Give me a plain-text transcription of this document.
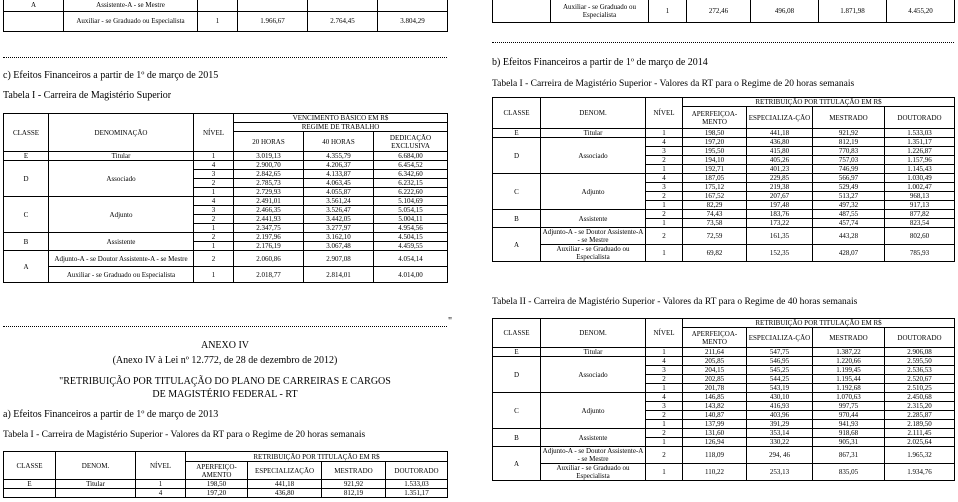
A	Assistente-A - se Mestre				
	Auxiliar - se Graduado ou Especialista	1	1.966,67	2.764,45	3.804,29
c) Efeitos Financeiros a partir de 1º de março de 2015
Tabela I - Carreira de Magistério Superior
CLASSE	DENOMINAÇÃO	NÍVEL	VENCIMENTO BÁSICO EM R$		
			REGIME DE TRABALHO		
			20 HORAS	40 HORAS	DEDICAÇÃO EXCLUSIVA
E	Titular	1	3.019,13	4.355,79	6.684,00
D	Associado	4	2.900,70	4.206,37	6.454,52
		3	2.842,65	4.133,87	6.342,60
		2	2.785,73	4.063,45	6.232,15
		1	2.729,93	4.055,87	6.222,60
C	Adjunto	4	2.491,01	3.561,24	5.104,69
		3	2.466,35	3.526,47	5.054,15
		2	2.441,93	3.442,05	5.004,11
		1	2.347,75	3.277,97	4.954,56
B	Assistente	2	2.197,96	3.162,10	4.504,15
		1	2.176,19	3.067,48	4.459,55
A	Adjunto-A - se Doutor Assistente-A - se Mestre	2	2.060,86	2.907,08	4.054,14
	Auxiliar - se Graduado ou Especialista	1	2.018,77	2.814,01	4.014,00
"
ANEXO IV
(Anexo IV à Lei nº 12.772, de 28 de dezembro de 2012)
"RETRIBUIÇÃO POR TITULAÇÃO DO PLANO DE CARREIRAS E CARGOS
DE MAGISTÉRIO FEDERAL - RT
a) Efeitos Financeiros a partir de 1º de março de 2013
Tabela I - Carreira de Magistério Superior - Valores da RT para o Regime de 20 horas semanais
CLASSE	DENOM.	NÍVEL	RETRIBUIÇÃO POR TITULAÇÃO EM R$			
			APERFEIÇO-AMENTO	ESPECIALIZAÇÃO	MESTRADO	DOUTORADO
E	Titular	1	198,50	441,18	921,92	1.533,03
		4	197,20	436,80	812,19	1.351,17
	Auxiliar - se Graduado ou Especialista	1	272,46	496,08	1.871,98	4.455,20
b) Efeitos Financeiros a partir de 1º de março de 2014
Tabela I - Carreira de Magistério Superior - Valores da RT para o Regime de 20 horas semanais
CLASSE	DENOM.	NÍVEL	RETRIBUIÇÃO POR TITULAÇÃO EM R$			
			APERFEIÇOA-MENTO	ESPECIALIZA-ÇÃO	MESTRADO	DOUTORADO
E	Titular	1	198,50	441,18	921,92	1.533,03
D	Associado	4	197,20	436,80	812,19	1.351,17
		3	195,50	415,80	770,83	1.226,87
		2	194,10	405,26	757,03	1.157,96
		1	192,71	401,23	746,99	1.145,43
C	Adjunto	4	187,05	229,85	566,97	1.030,49
		3	175,12	219,38	529,49	1.002,47
		2	167,52	207,67	513,27	968,13
		1	82,29	197,48	497,32	917,13
B	Assistente	2	74,43	183,76	487,55	877,82
		1	73,58	173,22	457,74	823,54
A	Adjunto-A - se Doutor Assistente-A - se Mestre	2	72,59	161,35	443,28	802,60
	Auxiliar - se Graduado ou Especialista	1	69,82	152,35	428,07	785,93
Tabela II - Carreira de Magistério Superior - Valores da RT para o Regime de 40 horas semanais
CLASSE	DENOM.	NÍVEL	RETRIBUIÇÃO POR TITULAÇÃO EM R$			
			APERFEIÇOA-MENTO	ESPECIALIZA-ÇÃO	MESTRADO	DOUTORADO
E	Titular	1	211,64	547,75	1.387,22	2.906,08
D	Associado	4	205,85	546,95	1.220,66	2.595,50
		3	204,15	545,25	1.199,45	2.536,53
		2	202,85	544,25	1.195,44	2.520,67
		1	201,78	543,19	1.192,68	2.510,25
C	Adjunto	4	146,85	430,10	1.070,63	2.450,68
		3	143,82	416,93	997,75	2.315,20
		2	140,87	403,96	970,44	2.285,87
		1	137,99	391,29	941,93	2.189,50
B	Assistente	2	131,60	353,14	918,68	2.111,45
		1	126,94	330,22	905,31	2.025,64
A	Adjunto-A - se Doutor Assistente-A - se Mestre	2	118,09	294, 46	867,31	1.965,32
	Auxiliar - se Graduado ou Especialista	1	110,22	253,13	835,05	1.934,76
